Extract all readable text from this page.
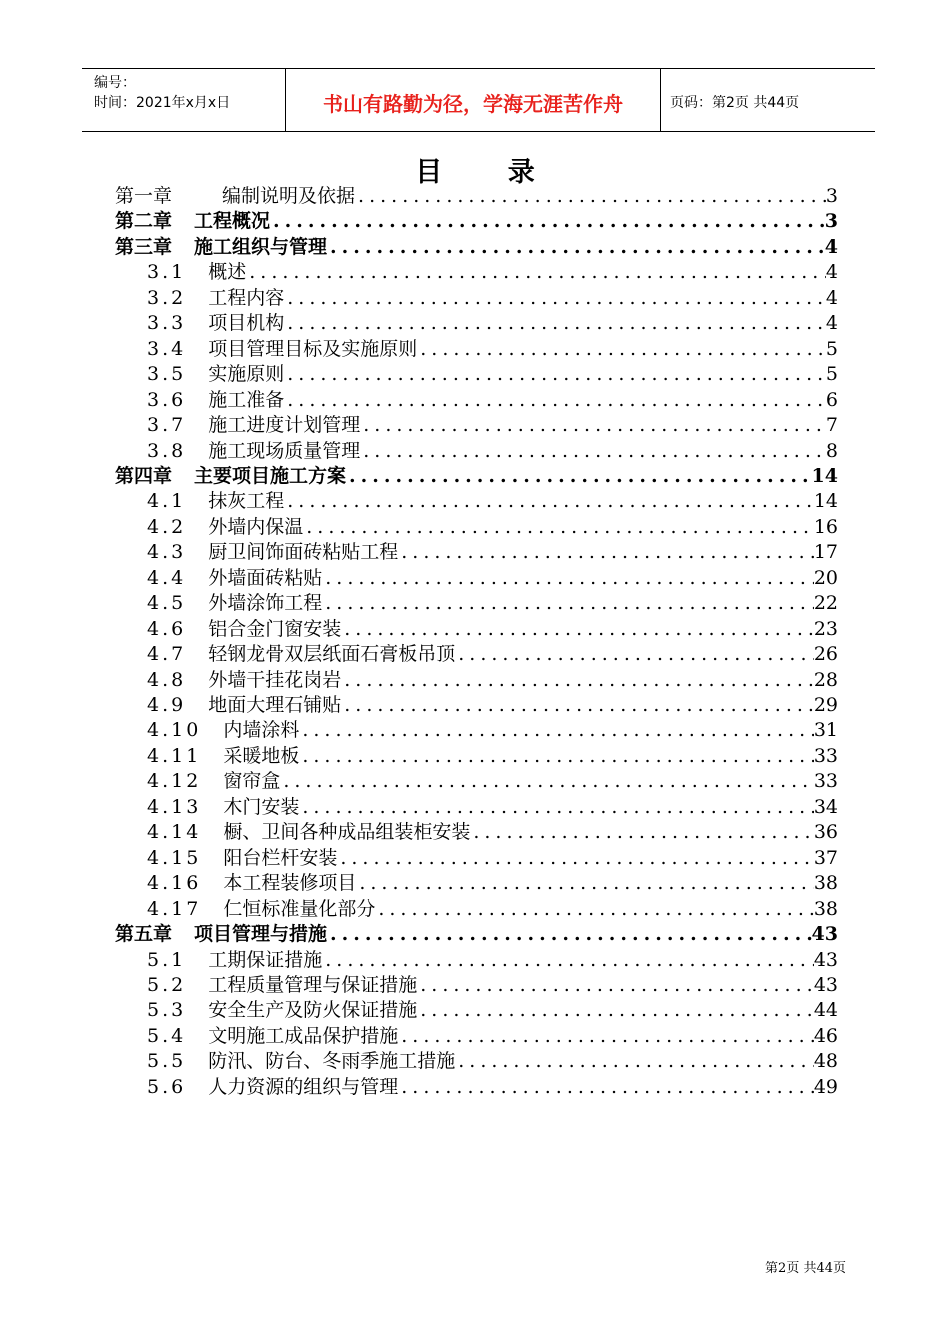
编号：
时间：2021年x月x日	书山有路勤为径，学海无涯苦作舟	页码：第2页 共44页
目 录
第一章	编制说明及依据 .....	3
第二章 工程概况 .....	3
第三章 施工组织与管理 .....	4
3.1 概述 .....	4
3.2 工程内容 .....	4
3.3 项目机构 .....	4
3.4 项目管理目标及实施原则 .....	5
3.5 实施原则 .....	5
3.6 施工准备 .....	6
3.7 施工进度计划管理 .....	7
3.8 施工现场质量管理 .....	8
第四章 主要项目施工方案 .....	14
4.1 抹灰工程 .....	14
4.2 外墙内保温 .....	16
4.3 厨卫间饰面砖粘贴工程 .....	17
4.4 外墙面砖粘贴 .....	20
4.5 外墙涂饰工程 .....	22
4.6 铝合金门窗安装 .....	23
4.7 轻钢龙骨双层纸面石膏板吊顶 .....	26
4.8 外墙干挂花岗岩 .....	28
4.9 地面大理石铺贴 .....	29
4.10 内墙涂料 .....	31
4.11 采暖地板 .....	33
4.12 窗帘盒 .....	33
4.13 木门安装 .....	34
4.14 橱、卫间各种成品组装柜安装 .....	36
4.15 阳台栏杆安装 .....	37
4.16 本工程装修项目 .....	38
4.17 仁恒标准量化部分 .....	38
第五章 项目管理与措施 .....	43
5.1 工期保证措施 .....	43
5.2 工程质量管理与保证措施 .....	43
5.3 安全生产及防火保证措施 .....	44
5.4 文明施工成品保护措施 .....	46
5.5 防汛、防台、冬雨季施工措施 .....	48
5.6 人力资源的组织与管理 .....	49
第2页 共44页
